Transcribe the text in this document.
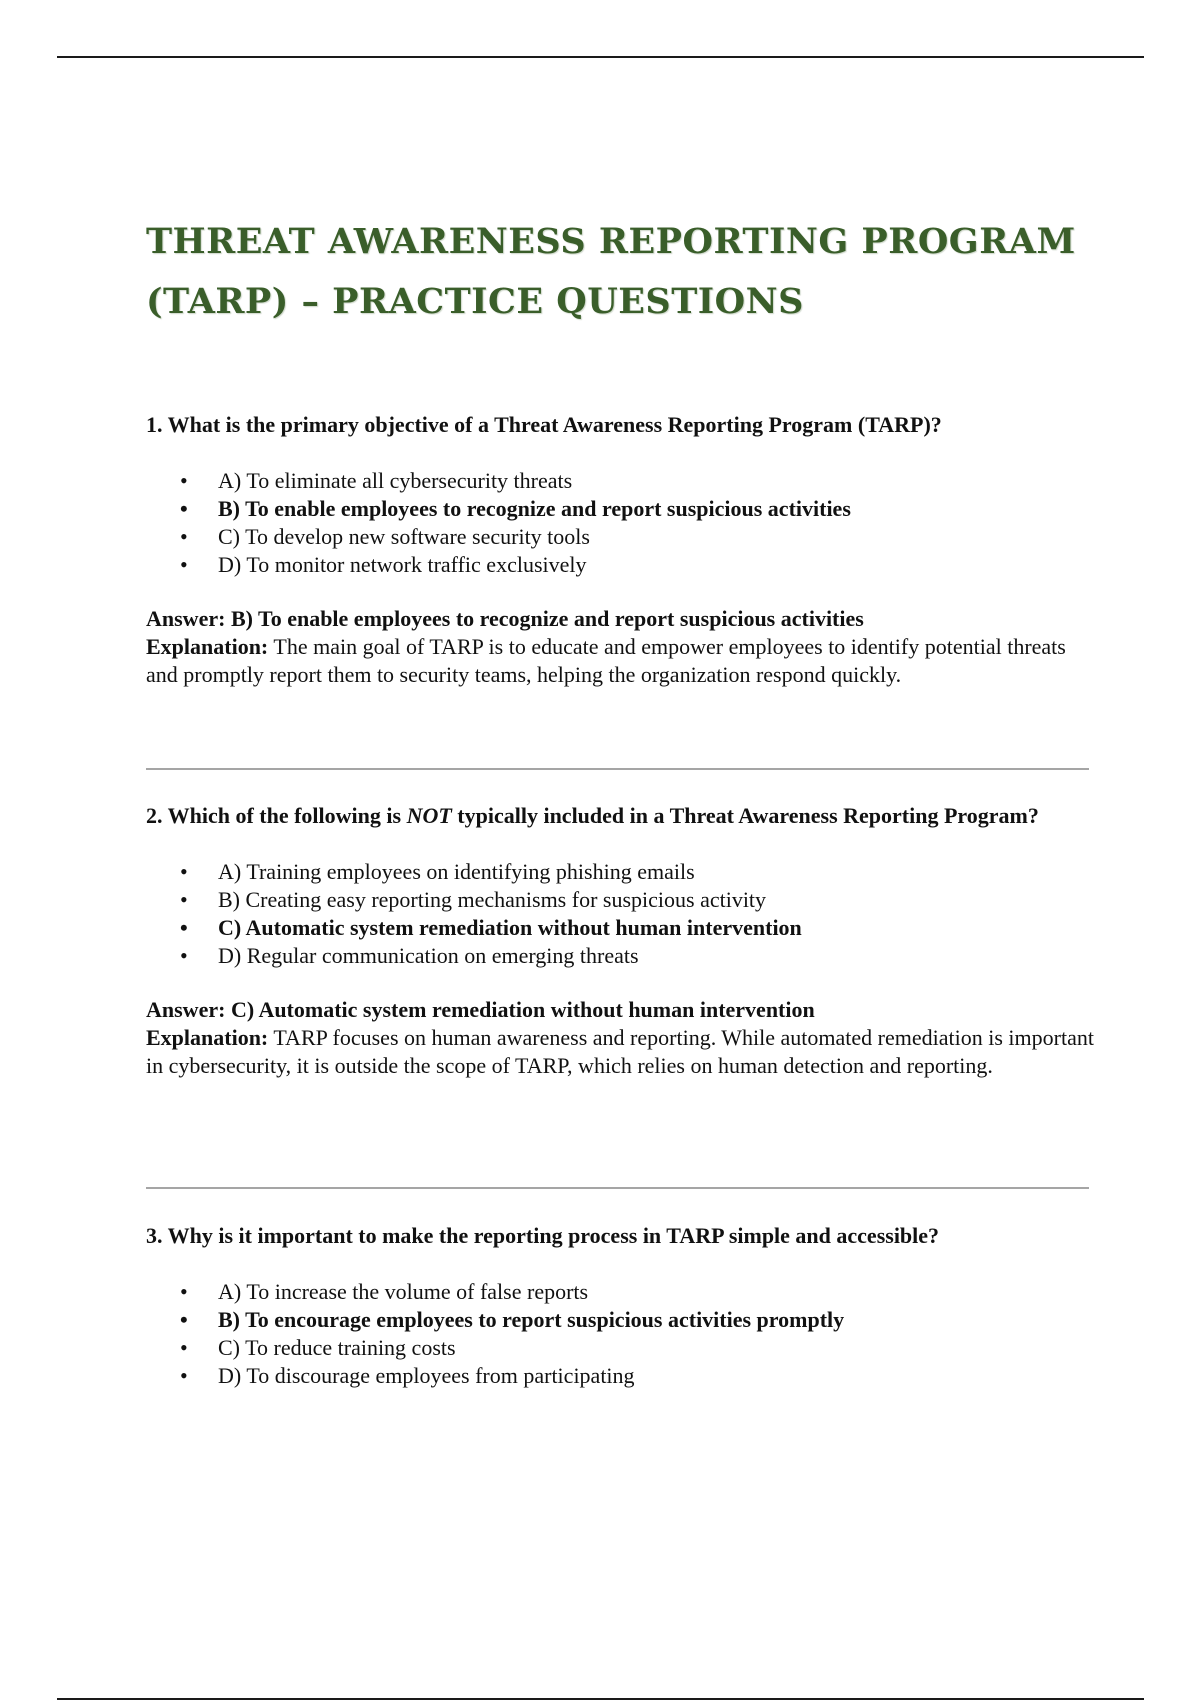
THREAT AWARENESS REPORTING PROGRAM
(TARP) – PRACTICE QUESTIONS

1. What is the primary objective of a Threat Awareness Reporting Program (TARP)?

• A) To eliminate all cybersecurity threats
• B) To enable employees to recognize and report suspicious activities
• C) To develop new software security tools
• D) To monitor network traffic exclusively

Answer: B) To enable employees to recognize and report suspicious activities

Explanation: The main goal of TARP is to educate and empower employees to identify potential threats and promptly report them to security teams, helping the organization respond quickly.

2. Which of the following is NOT typically included in a Threat Awareness Reporting Program?

• A) Training employees on identifying phishing emails
• B) Creating easy reporting mechanisms for suspicious activity
• C) Automatic system remediation without human intervention
• D) Regular communication on emerging threats

Answer: C) Automatic system remediation without human intervention

Explanation: TARP focuses on human awareness and reporting. While automated remediation is important in cybersecurity, it is outside the scope of TARP, which relies on human detection and reporting.

3. Why is it important to make the reporting process in TARP simple and accessible?

• A) To increase the volume of false reports
• B) To encourage employees to report suspicious activities promptly
• C) To reduce training costs
• D) To discourage employees from participating
